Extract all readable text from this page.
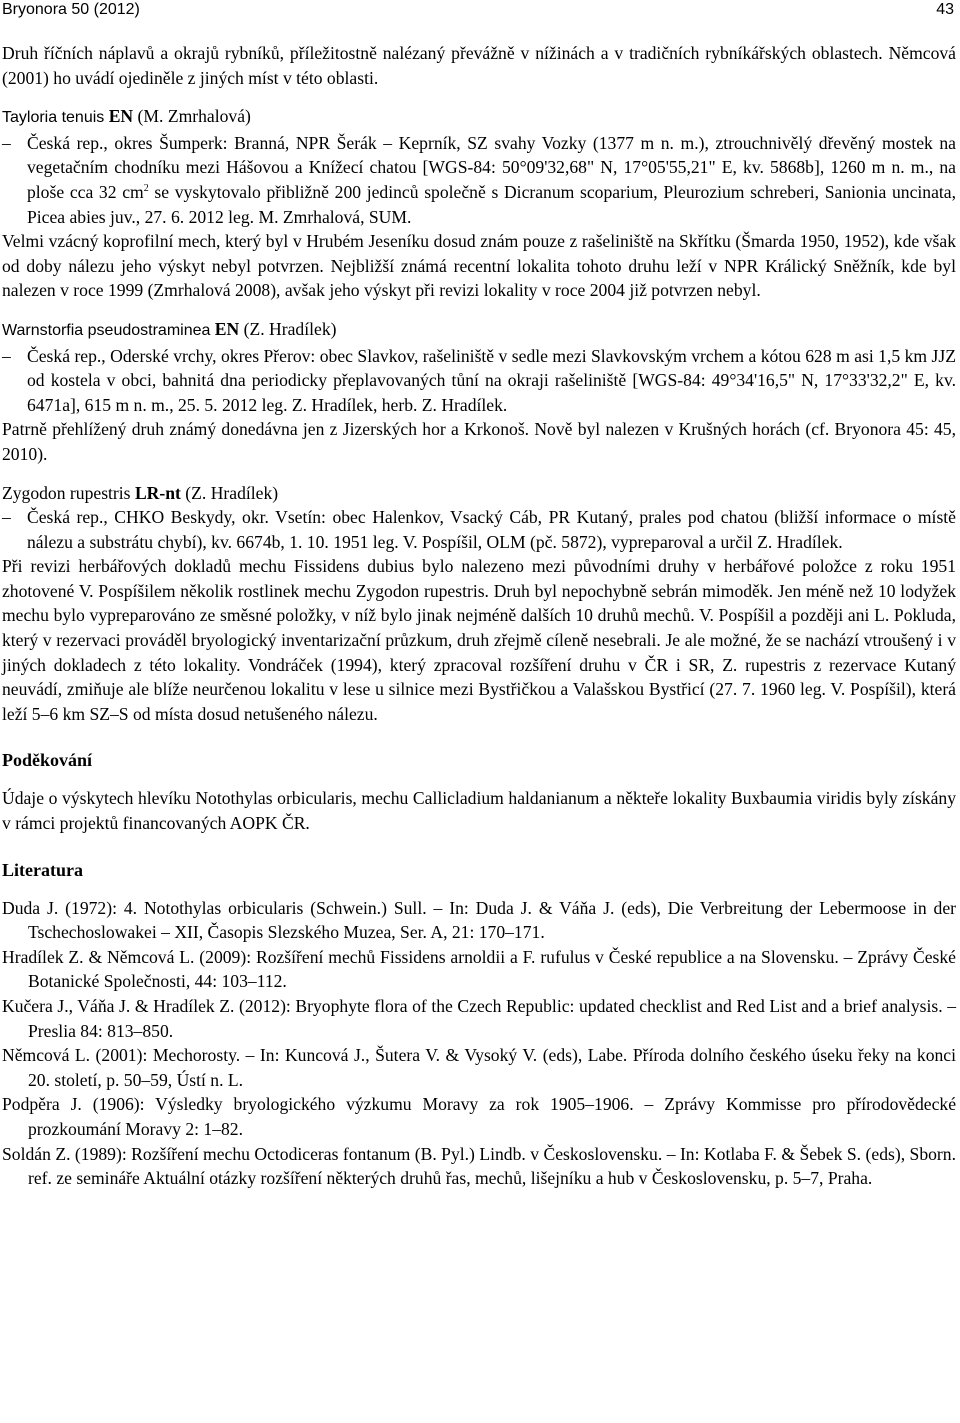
Bryonora 50 (2012)	43

Druh říčních náplavů a okrajů rybníků, příležitostně nalézaný převážně v nížinách a v tradičních rybníkářských oblastech. Němcová (2001) ho uvádí ojediněle z jiných míst v této oblasti.

Tayloria tenuis EN (M. Zmrhalová)
– Česká rep., okres Šumperk: Branná, NPR Šerák – Keprník, SZ svahy Vozky (1377 m n. m.), ztrouchnivělý dřevěný mostek na vegetačním chodníku mezi Hášovou a Knížecí chatou [WGS-84: 50°09'32,68" N, 17°05'55,21" E, kv. 5868b], 1260 m n. m., na ploše cca 32 $cm^2$ se vyskytovalo přibližně 200 jedinců společně s Dicranum scoparium, Pleurozium schreberi, Sanionia uncinata, Picea abies juv., 27. 6. 2012 leg. M. Zmrhalová, SUM.

Velmi vzácný koprofilní mech, který byl v Hrubém Jeseníku dosud znám pouze z rašeliniště na Skřítku (Šmarda 1950, 1952), kde však od doby nálezu jeho výskyt nebyl potvrzen. Nejbližší známá recentní lokalita tohoto druhu leží v NPR Králický Sněžník, kde byl nalezen v roce 1999 (Zmrhalová 2008), avšak jeho výskyt při revizi lokality v roce 2004 již potvrzen nebyl.

Warnstorfia pseudostraminea EN (Z. Hradílek)
– Česká rep., Oderské vrchy, okres Přerov: obec Slavkov, rašeliniště v sedle mezi Slavkovským vrchem a kótou 628 m asi 1,5 km JJZ od kostela v obci, bahnitá dna periodicky přeplavovaných tůní na okraji rašeliniště [WGS-84: 49°34'16,5" N, 17°33'32,2" E, kv. 6471a], 615 m n. m., 25. 5. 2012 leg. Z. Hradílek, herb. Z. Hradílek.

Patrně přehlížený druh známý donedávna jen z Jizerských hor a Krkonoš. Nově byl nalezen v Krušných horách (cf. Bryonora 45: 45, 2010).

Zygodon rupestris LR-nt (Z. Hradílek)
– Česká rep., CHKO Beskydy, okr. Vsetín: obec Halenkov, Vsacký Cáb, PR Kutaný, prales pod chatou (bližší informace o místě nálezu a substrátu chybí), kv. 6674b, 1. 10. 1951 leg. V. Pospíšil, OLM (pč. 5872), vypreparoval a určil Z. Hradílek.

Při revizi herbářových dokladů mechu Fissidens dubius bylo nalezeno mezi původními druhy v herbářové položce z roku 1951 zhotovené V. Pospíšilem několik rostlinek mechu Zygodon rupestris. Druh byl nepochybně sebrán mimoděk. Jen méně než 10 lodyžek mechu bylo vypreparováno ze směsné položky, v níž bylo jinak nejméně dalších 10 druhů mechů. V. Pospíšil a později ani L. Pokluda, který v rezervaci prováděl bryologický inventarizační průzkum, druh zřejmě cíleně nesebrali. Je ale možné, že se nachází vtroušený i v jiných dokladech z této lokality. Vondráček (1994), který zpracoval rozšíření druhu v ČR i SR, Z. rupestris z rezervace Kutaný neuvádí, zmiňuje ale blíže neurčenou lokalitu v lese u silnice mezi Bystřičkou a Valašskou Bystřicí (27. 7. 1960 leg. V. Pospíšil), která leží 5–6 km SZ–S od místa dosud netušeného nálezu.

Poděkování

Údaje o výskytech hlevíku Notothylas orbicularis, mechu Callicladium haldanianum a někteře lokality Buxbaumia viridis byly získány v rámci projektů financovaných AOPK ČR.

Literatura

Duda J. (1972): 4. Notothylas orbicularis (Schwein.) Sull. – In: Duda J. & Váňa J. (eds), Die Verbreitung der Lebermoose in der Tschechoslowakei – XII, Časopis Slezského Muzea, Ser. A, 21: 170–171.

Hradílek Z. & Němcová L. (2009): Rozšíření mechů Fissidens arnoldii a F. rufulus v České republice a na Slovensku. – Zprávy České Botanické Společnosti, 44: 103–112.

Kučera J., Váňa J. & Hradílek Z. (2012): Bryophyte flora of the Czech Republic: updated checklist and Red List and a brief analysis. – Preslia 84: 813–850.

Němcová L. (2001): Mechorosty. – In: Kuncová J., Šutera V. & Vysoký V. (eds), Labe. Příroda dolního českého úseku řeky na konci 20. století, p. 50–59, Ústí n. L.

Podpěra J. (1906): Výsledky bryologického výzkumu Moravy za rok 1905–1906. – Zprávy Kommisse pro přírodovědecké prozkoumání Moravy 2: 1–82.

Soldán Z. (1989): Rozšíření mechu Octodiceras fontanum (B. Pyl.) Lindb. v Československu. – In: Kotlaba F. & Šebek S. (eds), Sborn. ref. ze semináře Aktuální otázky rozšíření některých druhů řas, mechů, lišejníku a hub v Československu, p. 5–7, Praha.
